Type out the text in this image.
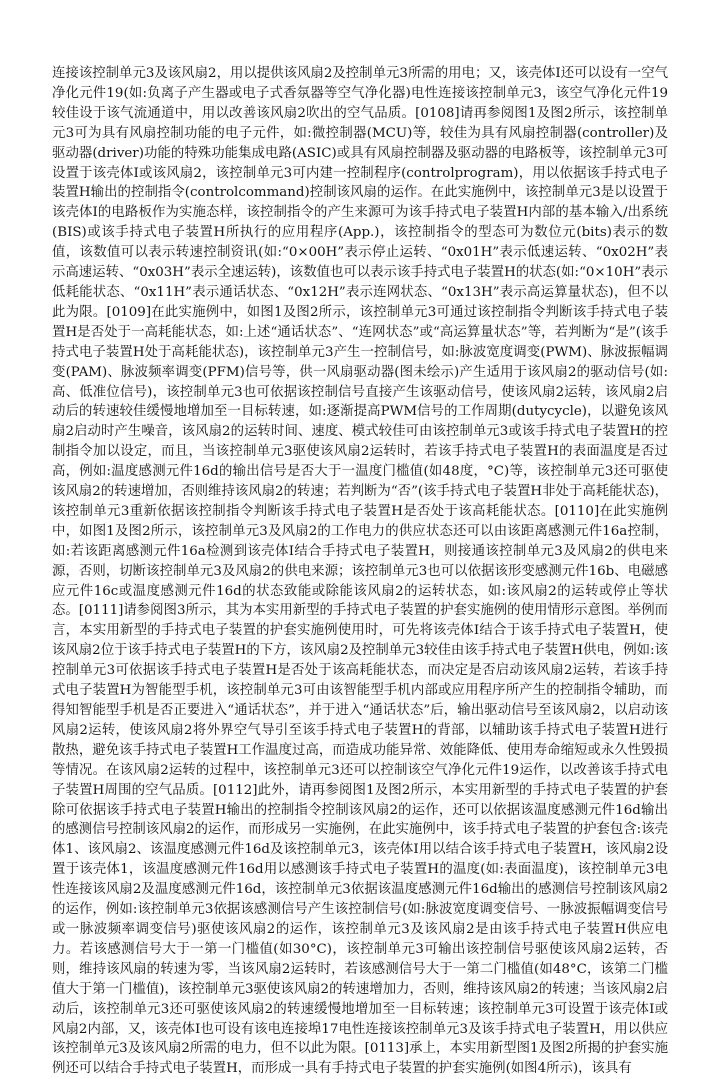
连接该控制单元3及该风扇2，用以提供该风扇2及控制单元3所需的用电；又，该壳体I还可以设有一空气净化元件19(如:负离子产生器或电子式香氛器等空气净化器)电性连接该控制单元3，该空气净化元件19较佳设于该气流通道中，用以改善该风扇2吹出的空气品质。[0108]请再参阅图1及图2所示，该控制单元3可为具有风扇控制功能的电子元件，如:微控制器(MCU)等，较佳为具有风扇控制器(controller)及驱动器(driver)功能的特殊功能集成电路(ASIC)或具有风扇控制器及驱动器的电路板等，该控制单元3可设置于该壳体I或该风扇2，该控制单元3可内建一控制程序(controlprogram)，用以依据该手持式电子装置H输出的控制指令(controlcommand)控制该风扇的运作。在此实施例中，该控制单元3是以设置于该壳体I的电路板作为实施态样，该控制指令的产生来源可为该手持式电子装置H内部的基本输入/出系统(BIS)或该手持式电子装置H所执行的应用程序(App.)，该控制指令的型态可为数位元(bits)表示的数值，该数值可以表示转速控制资讯(如:“0×00H”表示停止运转、“0x01H”表示低速运转、“0x02H”表示高速运转、“0x03H”表示全速运转)，该数值也可以表示该手持式电子装置H的状态(如:“0×10H”表示低耗能状态、“0x11H”表示通话状态、“0x12H”表示连网状态、“0x13H”表示高运算量状态)，但不以此为限。[0109]在此实施例中，如图1及图2所示，该控制单元3可通过该控制指令判断该手持式电子装置H是否处于一高耗能状态，如:上述“通话状态”、“连网状态”或“高运算量状态”等，若判断为“是”(该手持式电子装置H处于高耗能状态)，该控制单元3产生一控制信号，如:脉波宽度调变(PWM)、脉波振幅调变(PAM)、脉波频率调变(PFM)信号等，供一风扇驱动器(图未绘示)产生适用于该风扇2的驱动信号(如:高、低准位信号)，该控制单元3也可依据该控制信号直接产生该驱动信号，使该风扇2运转，该风扇2启动后的转速较佳缓慢地增加至一目标转速，如:逐渐提高PWM信号的工作周期(dutycycle)，以避免该风扇2启动时产生噪音，该风扇2的运转时间、速度、模式较佳可由该控制单元3或该手持式电子装置H的控制指令加以设定，而且，当该控制单元3驱使该风扇2运转时，若该手持式电子装置H的表面温度是否过高，例如:温度感测元件16d的输出信号是否大于一温度门槛值(如48度，°C)等，该控制单元3还可驱使该风扇2的转速增加，否则维持该风扇2的转速；若判断为“否”(该手持式电子装置H非处于高耗能状态)，该控制单元3重新依据该控制指令判断该手持式电子装置H是否处于该高耗能状态。[0110]在此实施例中，如图1及图2所示，该控制单元3及风扇2的工作电力的供应状态还可以由该距离感测元件16a控制，如:若该距离感测元件16a检测到该壳体I结合手持式电子装置H，则接通该控制单元3及风扇2的供电来源，否则，切断该控制单元3及风扇2的供电来源；该控制单元3也可以依据该形变感测元件16b、电磁感应元件16c或温度感测元件16d的状态致能或除能该风扇2的运转状态，如:该风扇2的运转或停止等状态。[0111]请参阅图3所示，其为本实用新型的手持式电子装置的护套实施例的使用情形示意图。举例而言，本实用新型的手持式电子装置的护套实施例使用时，可先将该壳体I结合于该手持式电子装置H，使该风扇2位于该手持式电子装置H的下方，该风扇2及控制单元3较佳由该手持式电子装置H供电，例如:该控制单元3可依据该手持式电子装置H是否处于该高耗能状态，而决定是否启动该风扇2运转，若该手持式电子装置H为智能型手机，该控制单元3可由该智能型手机内部或应用程序所产生的控制指令辅助，而得知智能型手机是否正要进入“通话状态”，并于进入“通话状态”后，输出驱动信号至该风扇2，以启动该风扇2运转，使该风扇2将外界空气导引至该手持式电子装置H的背部，以辅助该手持式电子装置H进行散热，避免该手持式电子装置H工作温度过高，而造成功能异常、效能降低、使用寿命缩短或永久性毁损等情况。在该风扇2运转的过程中，该控制单元3还可以控制该空气净化元件19运作，以改善该手持式电子装置H周围的空气品质。[0112]此外，请再参阅图1及图2所示，本实用新型的手持式电子装置的护套除可依据该手持式电子装置H输出的控制指令控制该风扇2的运作，还可以依据该温度感测元件16d输出的感测信号控制该风扇2的运作，而形成另一实施例，在此实施例中，该手持式电子装置的护套包含:该壳体1、该风扇2、该温度感测元件16d及该控制单元3，该壳体I用以结合该手持式电子装置H，该风扇2设置于该壳体1，该温度感测元件16d用以感测该手持式电子装置H的温度(如:表面温度)，该控制单元3电性连接该风扇2及温度感测元件16d，该控制单元3依据该温度感测元件16d输出的感测信号控制该风扇2的运作，例如:该控制单元3依据该感测信号产生该控制信号(如:脉波宽度调变信号、一脉波振幅调变信号或一脉波频率调变信号)驱使该风扇2的运作，该控制单元3及该风扇2是由该手持式电子装置H供应电力。若该感测信号大于一第一门槛值(如30°C)，该控制单元3可输出该控制信号驱使该风扇2运转，否则，维持该风扇的转速为零，当该风扇2运转时，若该感测信号大于一第二门槛值(如48°C，该第二门槛值大于第一门槛值)，该控制单元3驱使该风扇2的转速增加力，否则，维持该风扇2的转速；当该风扇2启动后，该控制单元3还可驱使该风扇2的转速缓慢地增加至一目标转速；该控制单元3可设置于该壳体I或风扇2内部，又，该壳体I也可设有该电连接埠17电性连接该控制单元3及该手持式电子装置H，用以供应该控制单元3及该风扇2所需的电力，但不以此为限。[0113]承上，本实用新型图1及图2所揭的护套实施例还可以结合手持式电子装置H，而形成一具有手持式电子装置的护套实施例(如图4所示)，该具有
